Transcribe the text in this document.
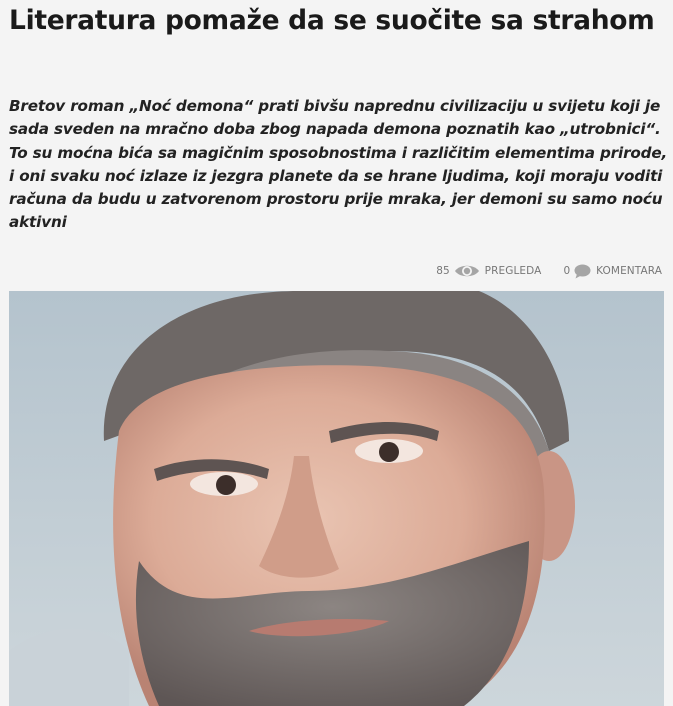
Literatura pomaže da se suočite sa strahom

Bretov roman „Noć demona“ prati bivšu naprednu civilizaciju u svijetu koji je sada sveden na mračno doba zbog napada demona poznatih kao „utrobnici“. To su moćna bića sa magičnim sposobnostima i različitim elementima prirode, i oni svaku noć izlaze iz jezgra planete da se hrane ljudima, koji moraju voditi računa da budu u zatvorenom prostoru prije mraka, jer demoni su samo noću aktivni

85	PREGLEDA 0 KOMENTARA
